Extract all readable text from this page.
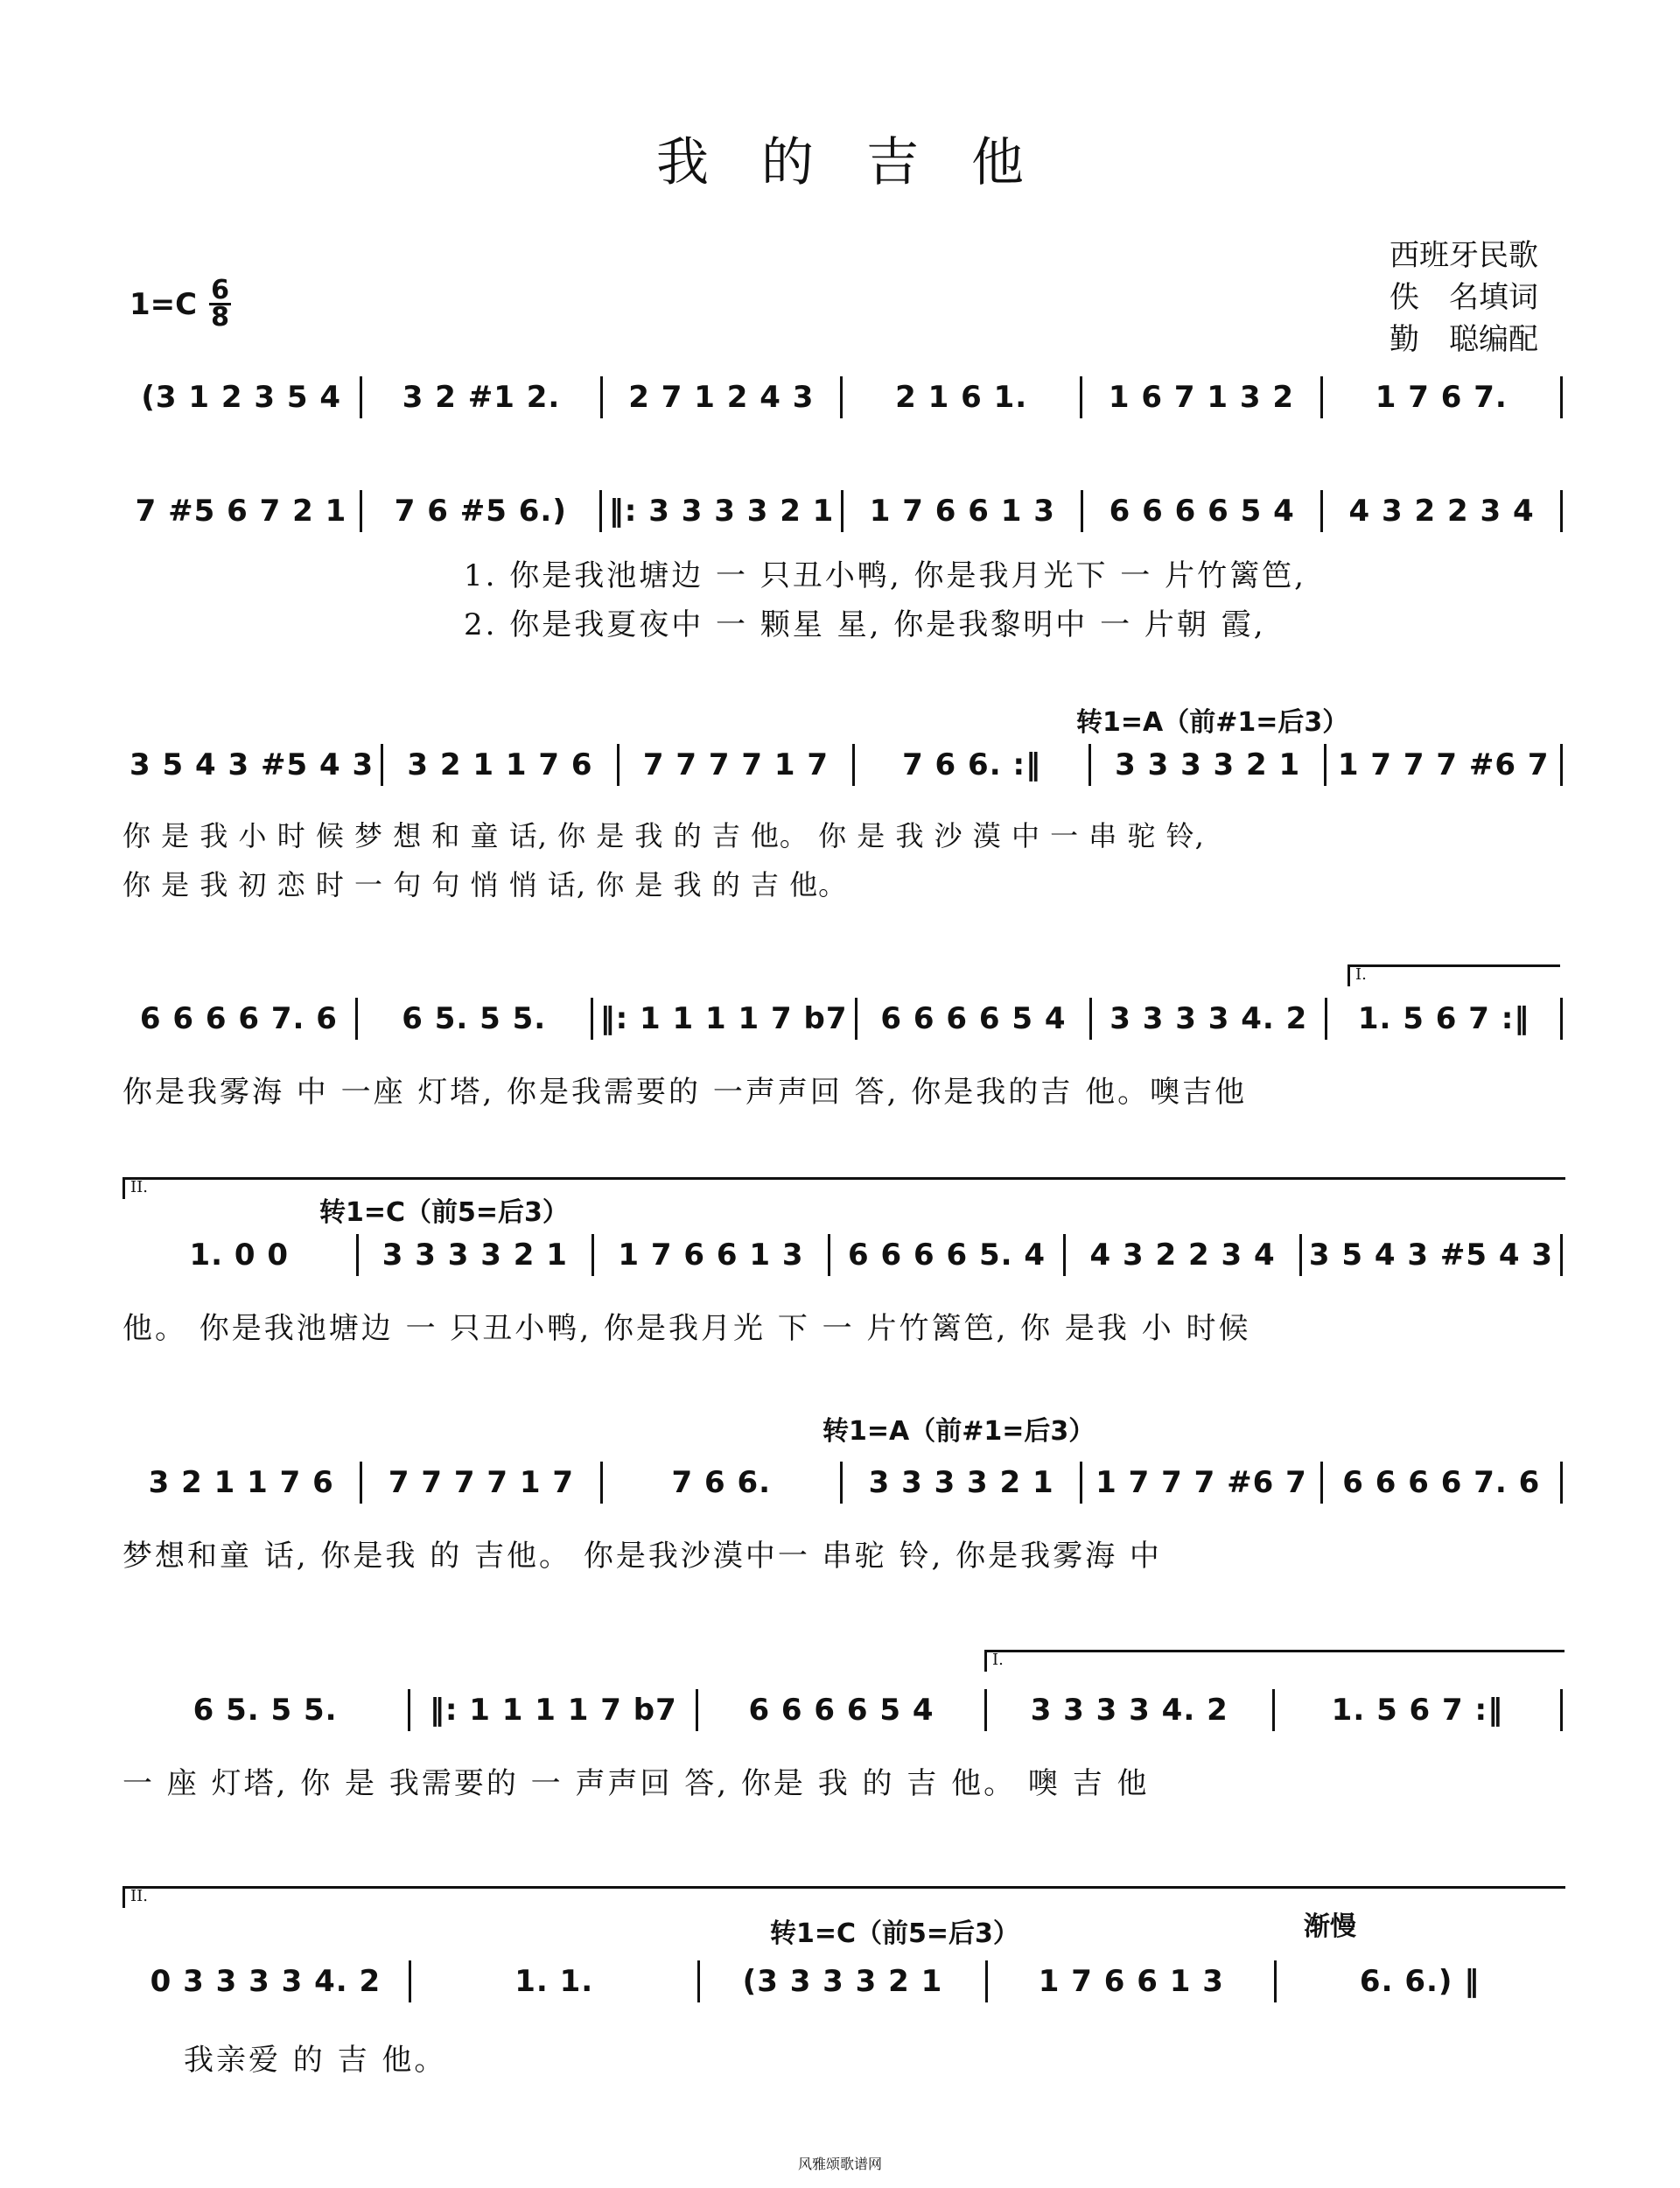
我 的 吉 他
西班牙民歌
佚　名填词
勤　聪编配
$1=C \frac{6}{8}$
(3 1 2 3 5 4 3 2 #1 2. 2 7 1 2 4 3	2 1 6 1.	1 6 7 1 3 2	1 7 6 7.
7 #5 6 7 2 1 7 6 #5 6.) ‖: 3 3 3 3 2 1 1 7 6 6 1 3 6 6 6 6 5 4 4 3 2 2 3 4
1. 你是我池塘边 一 只丑小鸭, 你是我月光下 一 片竹篱笆,
2. 你是我夏夜中 一 颗星 星, 你是我黎明中 一 片朝 霞,
转1=A（前#1=后3）
3 5 4 3 #5 4 3 3 2 1 1 7 6 7 7 7 7 1 7 7 6 6. :‖ 3 3 3 3 2 1 1 7 7 7 #6 7
你 是 我 小 时 候 梦 想 和 童 话, 你 是 我 的 吉 他。 你 是 我 沙 漠 中 一 串 驼 铃,
你 是 我 初 恋 时 一 句 句 悄 悄 话, 你 是 我 的 吉 他。
I.
6 6 6 6 7. 6 6 5. 5 5. ‖: 1 1 1 1 7 b7 6 6 6 6 5 4 3 3 3 3 4. 2 1. 5 6 7 :‖
你是我雾海 中 一座 灯塔, 你是我需要的 一声声回 答, 你是我的吉 他。噢吉他
II.
转1=C（前5=后3）
1. 0 0	3 3 3 3 2 1 1 7 6 6 1 3 6 6 6 6 5. 4 4 3 2 2 3 4 3 5 4 3 #5 4 3
他。 你是我池塘边 一 只丑小鸭, 你是我月光 下 一 片竹篱笆, 你 是我 小 时候
转1=A（前#1=后3）
3 2 1 1 7 6 7 7 7 7 1 7	7 6 6.	3 3 3 3 2 1 1 7 7 7 #6 7 6 6 6 6 7. 6
梦想和童 话, 你是我 的 吉他。 你是我沙漠中一 串驼 铃, 你是我雾海 中
I.
6 5. 5 5.	‖: 1 1 1 1 7 b7 6 6 6 6 5 4	3 3 3 3 4. 2	1. 5 6 7 :‖
一 座 灯塔, 你 是 我需要的 一 声声回 答, 你是 我 的 吉 他。 噢 吉 他
II.
转1=C（前5=后3）	渐慢
0 3 3 3 3 4. 2	1. 1.	(3 3 3 3 2 1	1 7 6 6 1 3	6. 6.) ‖
我亲爱 的 吉 他。
风雅颂歌谱网
